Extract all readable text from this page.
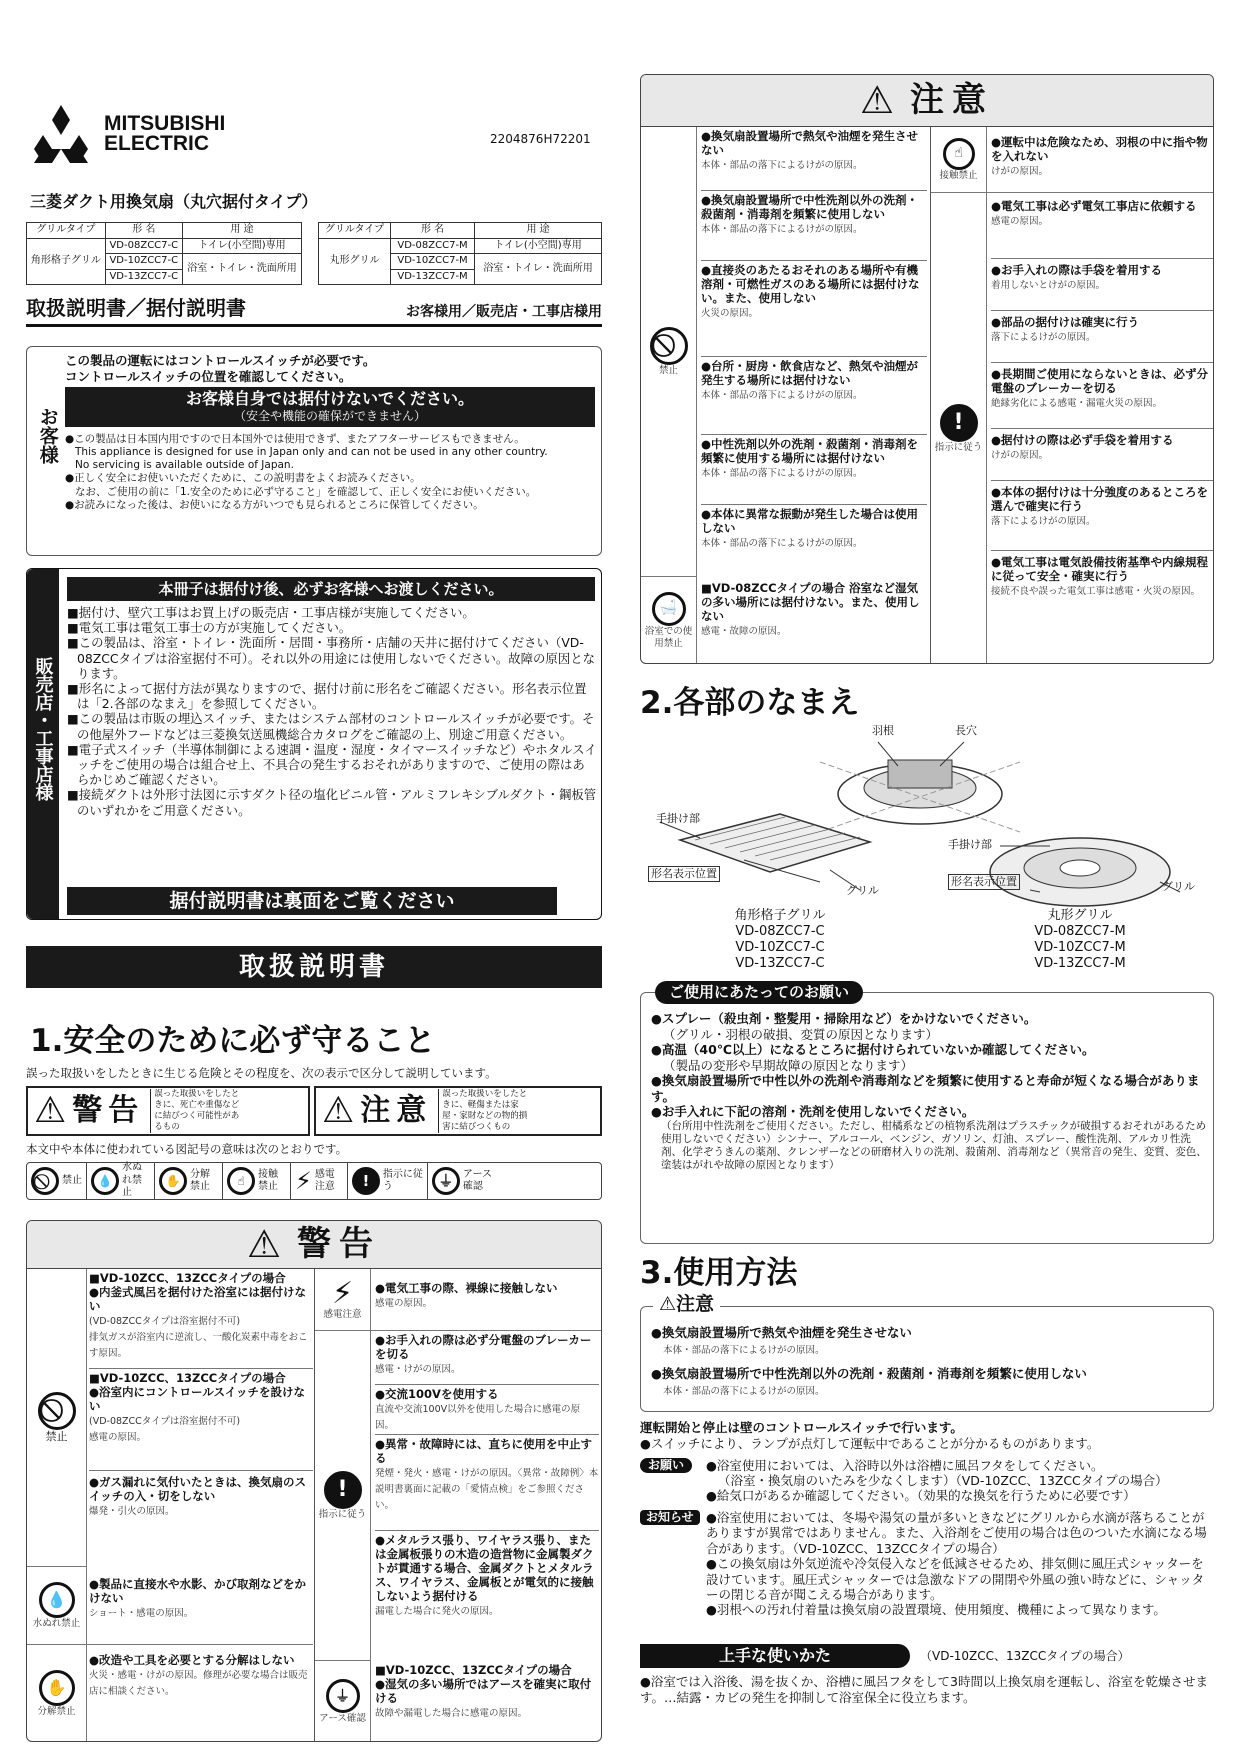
MITSUBISHI
ELECTRIC	2204876H72201
三菱ダクト用換気扇（丸穴据付タイプ）
グリルタイプ	形 名	用 途
角形格子グリル	VD-08ZCC7-C	トイレ(小空間)専用
	VD-10ZCC7-C	浴室・トイレ・洗面所用
	VD-13ZCC7-C	
グリルタイプ	形 名	用 途
丸形グリル	VD-08ZCC7-M	トイレ(小空間)専用
	VD-10ZCC7-M	浴室・トイレ・洗面所用
	VD-13ZCC7-M	
取扱説明書／据付説明書	お客様用／販売店・工事店様用
お客様
この製品の運転にはコントロールスイッチが必要です。
コントロールスイッチの位置を確認してください。
お客様自身では据付けないでください。
（安全や機能の確保ができません）
●この製品は日本国内用ですので日本国外では使用できず、またアフターサービスもできません。
This appliance is designed for use in Japan only and can not be used in any other country.
No servicing is available outside of Japan.
●正しく安全にお使いいただくために、この説明書をよくお読みください。
なお、ご使用の前に「1.安全のために必ず守ること」を確認して、正しく安全にお使いください。
●お読みになった後は、お使いになる方がいつでも見られるところに保管してください。
販売店・工事店様
本冊子は据付け後、必ずお客様へお渡しください。
■据付け、壁穴工事はお買上げの販売店・工事店様が実施してください。
■電気工事は電気工事士の方が実施してください。
■この製品は、浴室・トイレ・洗面所・居間・事務所・店舗の天井に据付けてください（VD-08ZCCタイプは浴室据付不可）。それ以外の用途には使用しないでください。故障の原因となります。
■形名によって据付方法が異なりますので、据付け前に形名をご確認ください。形名表示位置は「2.各部のなまえ」を参照してください。
■この製品は市販の埋込スイッチ、またはシステム部材のコントロールスイッチが必要です。その他屋外フードなどは三菱換気送風機総合カタログをご確認の上、別途ご用意ください。
■電子式スイッチ（半導体制御による速調・温度・湿度・タイマースイッチなど）やホタルスイッチをご使用の場合は組合せ上、不具合の発生するおそれがありますので、ご使用の際はあらかじめご確認ください。
■接続ダクトは外形寸法図に示すダクト径の塩化ビニル管・アルミフレキシブルダクト・鋼板管のいずれかをご用意ください。
据付説明書は裏面をご覧ください
取扱説明書
1.安全のために必ず守ること
誤った取扱いをしたときに生じる危険とその程度を、次の表示で区分して説明しています。
⚠ 警告	誤った取扱いをしたときに、死亡や重傷などに結びつく可能性があるもの	⚠ 注意	誤った取扱いをしたときに、軽傷または家屋・家財などの物的損害に結びつくもの
本文中や本体に使われている図記号の意味は次のとおりです。
禁止	💧
水ぬれ禁止
✋ 分解禁止	☝	接触禁止 ⚡ 感電注意	!	指示に従う	⏚ アース確認
⚠ 警告
禁止
■VD-10ZCC、13ZCCタイプの場合
●内釜式風呂を据付けた浴室には据付けない
(VD-08ZCCタイプは浴室据付不可)
排気ガスが浴室内に逆流し、一酸化炭素中毒をおこす原因。
■VD-10ZCC、13ZCCタイプの場合
●浴室内にコントロールスイッチを設けない
(VD-08ZCCタイプは浴室据付不可)
感電の原因。
●ガス漏れに気付いたときは、換気扇のスイッチの入・切をしない
爆発・引火の原因。
💧
水ぬれ禁止
●製品に直接水や水影、かび取剤などをかけない
ショート・感電の原因。
✋
分解禁止
●改造や工具を必要とする分解はしない
火災・感電・けがの原因。修理が必要な場合は販売店に相談ください。
⚡
感電注意
●電気工事の際、裸線に接触しない
感電の原因。
!
指示に従う
●お手入れの際は必ず分電盤のブレーカーを切る
感電・けがの原因。
●交流100Vを使用する
直流や交流100V以外を使用した場合に感電の原因。
●異常・故障時には、直ちに使用を中止する
発煙・発火・感電・けがの原因。〈異常・故障例〉本説明書裏面に記載の「愛情点検」をご参照ください。
●メタルラス張り、ワイヤラス張り、または金属板張りの木造の造営物に金属製ダクトが貫通する場合、金属ダクトとメタルラス、ワイヤラス、金属板とが電気的に接触しないよう据付ける
漏電した場合に発火の原因。
⏚
アース確認
■VD-10ZCC、13ZCCタイプの場合
●湿気の多い場所ではアースを確実に取付ける
故障や漏電した場合に感電の原因。
⚠ 注意
禁止
●換気扇設置場所で熱気や油煙を発生させない
本体・部品の落下によるけがの原因。
●換気扇設置場所で中性洗剤以外の洗剤・殺菌剤・消毒剤を頻繁に使用しない
本体・部品の落下によるけがの原因。
●直接炎のあたるおそれのある場所や有機溶剤・可燃性ガスのある場所には据付けない。また、使用しない
火災の原因。
●台所・厨房・飲食店など、熱気や油煙が発生する場所には据付けない
本体・部品の落下によるけがの原因。
●中性洗剤以外の洗剤・殺菌剤・消毒剤を頻繁に使用する場所には据付けない
本体・部品の落下によるけがの原因。
●本体に異常な振動が発生した場合は使用しない
本体・部品の落下によるけがの原因。
🛁
浴室での使用禁止
■VD-08ZCCタイプの場合 浴室など湿気の多い場所には据付けない。また、使用しない
感電・故障の原因。
☝
接触禁止
●運転中は危険なため、羽根の中に指や物を入れない
けがの原因。
!
指示に従う
●電気工事は必ず電気工事店に依頼する
感電の原因。
●お手入れの際は手袋を着用する
着用しないとけがの原因。
●部品の据付けは確実に行う
落下によるけがの原因。
●長期間ご使用にならないときは、必ず分電盤のブレーカーを切る
絶縁劣化による感電・漏電火災の原因。
●据付けの際は必ず手袋を着用する
けがの原因。
●本体の据付けは十分強度のあるところを選んで確実に行う
落下によるけがの原因。
●電気工事は電気設備技術基準や内線規程に従って安全・確実に行う
接続不良や誤った電気工事は感電・火災の原因。
2.各部のなまえ
羽根	長穴
手掛け部
手掛け部
形名表示位置
形名表示位置
グリル	グリル
角形格子グリル
VD-08ZCC7-C
VD-10ZCC7-C
VD-13ZCC7-C
丸形グリル
VD-08ZCC7-M
VD-10ZCC7-M
VD-13ZCC7-M
ご使用にあたってのお願い
●スプレー（殺虫剤・整髪用・掃除用など）をかけないでください。
（グリル・羽根の破損、変質の原因となります）
●高温（40℃以上）になるところに据付けられていないか確認してください。
（製品の変形や早期故障の原因となります）
●換気扇設置場所で中性以外の洗剤や消毒剤などを頻繁に使用すると寿命が短くなる場合があります。
●お手入れに下記の溶剤・洗剤を使用しないでください。
（台所用中性洗剤をご使用ください。ただし、柑橘系などの植物系洗剤はプラスチックが破損するおそれがあるため使用しないでください）シンナー、アルコール、ベンジン、ガソリン、灯油、スプレー、酸性洗剤、アルカリ性洗剤、化学ぞうきんの薬剤、クレンザーなどの研磨材入りの洗剤、殺菌剤、消毒剤など（異常音の発生、変質、変色、塗装はがれや故障の原因となります）
3.使用方法
⚠注意
●換気扇設置場所で熱気や油煙を発生させない
本体・部品の落下によるけがの原因。
●換気扇設置場所で中性洗剤以外の洗剤・殺菌剤・消毒剤を頻繁に使用しない
本体・部品の落下によるけがの原因。
運転開始と停止は壁のコントロールスイッチで行います。
●スイッチにより、ランプが点灯して運転中であることが分かるものがあります。
お願い	●浴室使用においては、入浴時以外は浴槽に風呂フタをしてください。
（浴室・換気扇のいたみを少なくします）（VD-10ZCC、13ZCCタイプの場合）
●給気口があるか確認してください。（効果的な換気を行うために必要です）
お知らせ ●浴室使用においては、冬場や湯気の量が多いときなどにグリルから水滴が落ちることがありますが異常ではありません。また、入浴剤をご使用の場合は色のついた水滴になる場合があります。（VD-10ZCC、13ZCCタイプの場合）
●この換気扇は外気逆流や冷気侵入などを低減させるため、排気側に風圧式シャッターを設けています。風圧式シャッターでは急激なドアの開閉や外風の強い時などに、シャッターの閉じる音が聞こえる場合があります。
●羽根への汚れ付着量は換気扇の設置環境、使用頻度、機種によって異なります。
上手な使いかた	（VD-10ZCC、13ZCCタイプの場合）
●浴室では入浴後、湯を抜くか、浴槽に風呂フタをして3時間以上換気扇を運転し、浴室を乾燥させます。…結露・カビの発生を抑制して浴室保全に役立ちます。
